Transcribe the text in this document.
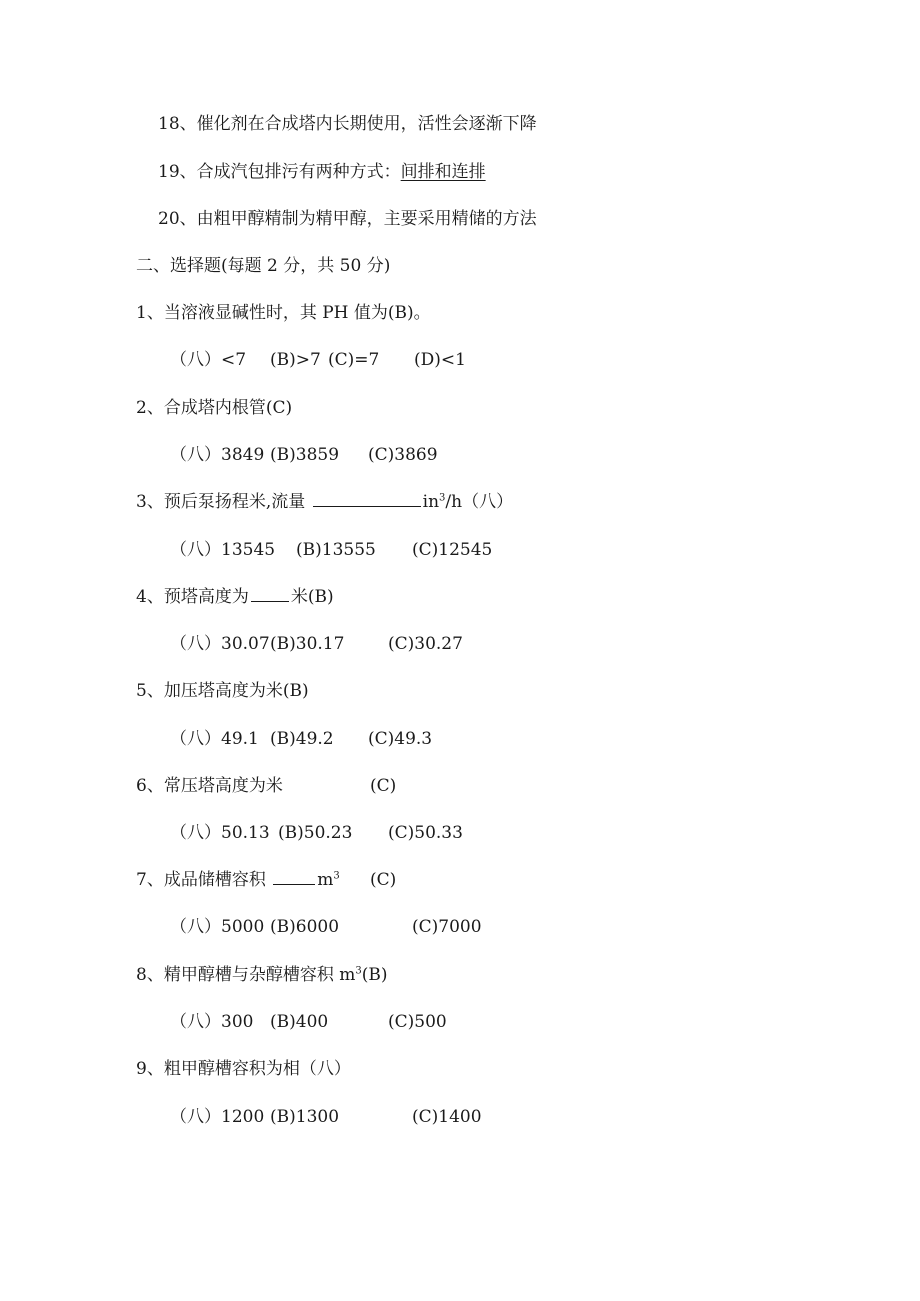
18、催化剂在合成塔内长期使用，活性会逐渐下降
19、合成汽包排污有两种方式：间排和连排
20、由粗甲醇精制为精甲醇，主要采用精储的方法
二、选择题(每题 2 分，共 50 分)
1、当溶液显碱性时，其 PH 值为(B)。
（八）<7 (B)>7 (C)=7 (D)<1
2、合成塔内根管(C)
（八）3849 (B)3859 (C)3869
3、预后泵扬程米,流量	$in^3/h$（八）
（八）13545 (B)13555 (C)12545
4、预塔高度为 米(B)
（八）30.07 (B)30.17	(C)30.27
5、加压塔高度为米(B)
（八）49.1 (B)49.2 (C)49.3
6、常压塔高度为米	(C)
（八）50.13 (B)50.23 (C)50.33
7、成品储槽容积	$m^3$ (C)
（八）5000 (B)6000	(C)7000
8、精甲醇槽与杂醇槽容积 $m^3(B)$
（八）300 (B)400	(C)500
9、粗甲醇槽容积为相（八）
（八）1200 (B)1300	(C)1400
